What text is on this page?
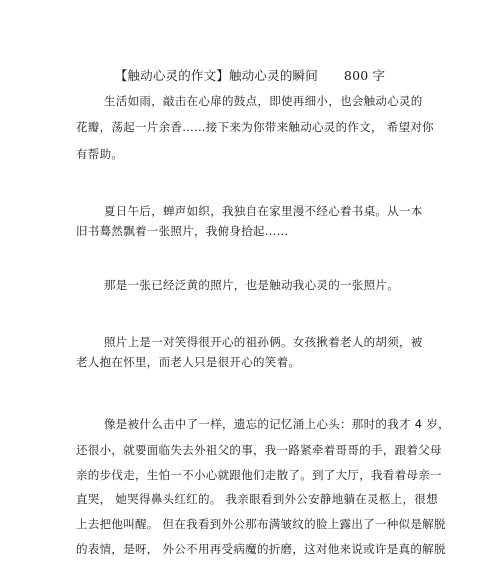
【触动心灵的作文】触动心灵的瞬间 800 字
生活如雨，敲击在心扉的鼓点，即使再细小，也会触动心灵的
花瓣，荡起一片余香……接下来为你带来触动心灵的作文， 希望对你
有帮助。
夏日午后，蝉声如织，我独自在家里漫不经心着书桌。从一本
旧书蓦然飘着一张照片，我俯身拾起……
那是一张已经泛黄的照片，也是触动我心灵的一张照片。
照片上是一对笑得很开心的祖孙俩。女孩揪着老人的胡须，被
老人抱在怀里，而老人只是很开心的笑着。
像是被什么击中了一样，遗忘的记忆涌上心头：那时的我才 4 岁，
还很小，就要面临失去外祖父的事，我一路紧牵着哥哥的手，跟着父母
亲的步伐走，生怕一不小心就跟他们走散了。到了大厅，我看着母亲一
直哭， 她哭得鼻头红红的。 我亲眼看到外公安静地躺在灵柩上，很想
上去把他叫醒。 但在我看到外公那布满皱纹的脸上露出了一种似是解脱
的表情，是呀， 外公不用再受病魔的折磨，这对他来说或许是真的解脱
